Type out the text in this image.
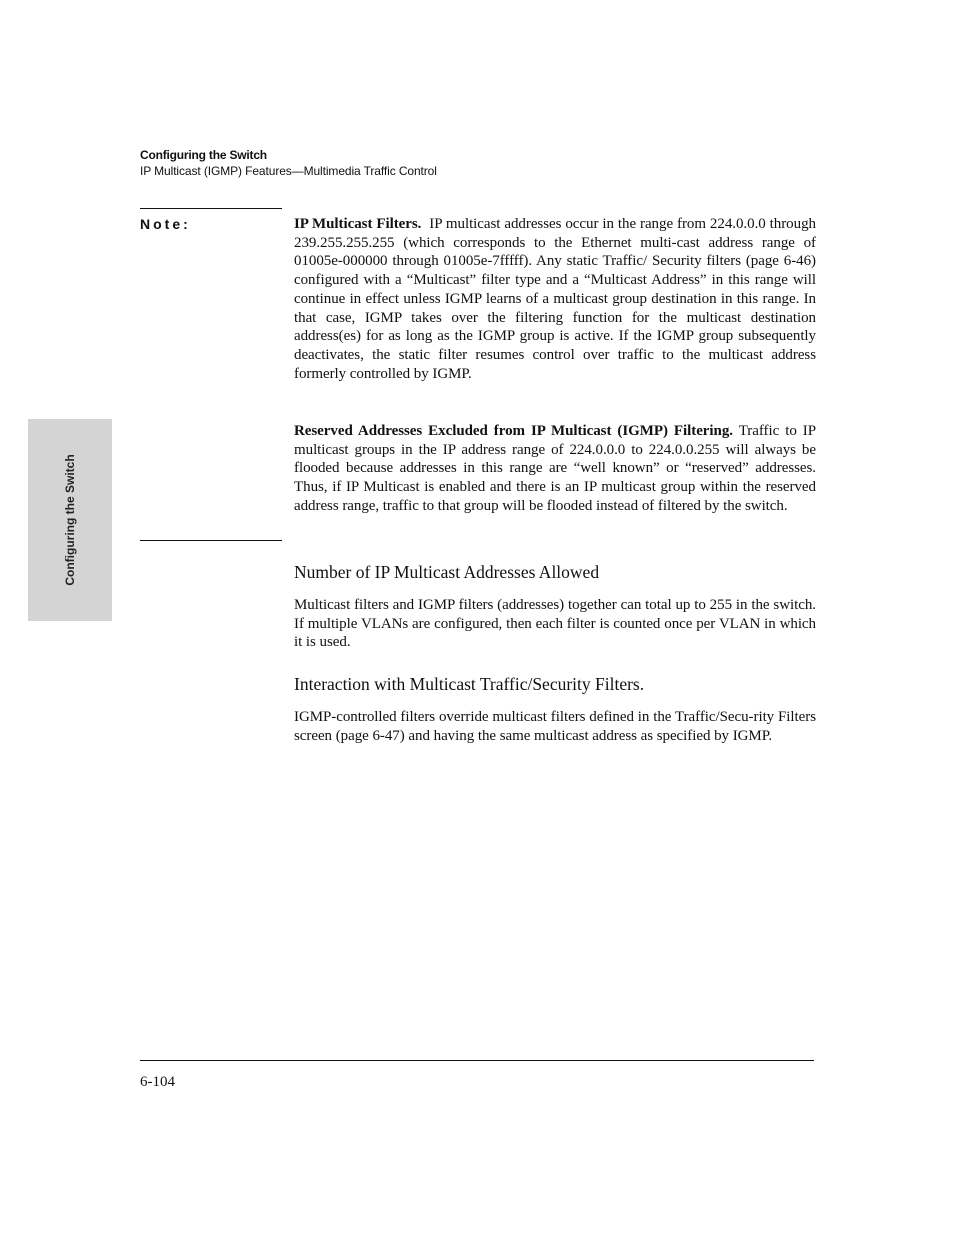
Configuring the Switch
IP Multicast (IGMP) Features—Multimedia Traffic Control
Note:	IP Multicast Filters. IP multicast addresses occur in the range from 224.0.0.0 through 239.255.255.255 (which corresponds to the Ethernet multi-cast address range of 01005e-000000 through 01005e-7fffff). Any static Traffic/ Security filters (page 6-46) configured with a “Multicast” filter type and a “Multicast Address” in this range will continue in effect unless IGMP learns of a multicast group destination in this range. In that case, IGMP takes over the filtering function for the multicast destination address(es) for as long as the IGMP group is active. If the IGMP group subsequently deactivates, the static filter resumes control over traffic to the multicast address formerly controlled by IGMP.
Reserved Addresses Excluded from IP Multicast (IGMP) Filtering. Traffic to IP multicast groups in the IP address range of 224.0.0.0 to 224.0.0.255 will always be flooded because addresses in this range are “well known” or “reserved” addresses. Thus, if IP Multicast is enabled and there is an IP multicast group within the reserved address range, traffic to that group will be flooded instead of filtered by the switch.
Number of IP Multicast Addresses Allowed
Multicast filters and IGMP filters (addresses) together can total up to 255 in the switch. If multiple VLANs are configured, then each filter is counted once per VLAN in which it is used.
Interaction with Multicast Traffic/Security Filters.
IGMP-controlled filters override multicast filters defined in the Traffic/Secu-rity Filters screen (page 6-47) and having the same multicast address as specified by IGMP.
Configuring the Switch
6-104
